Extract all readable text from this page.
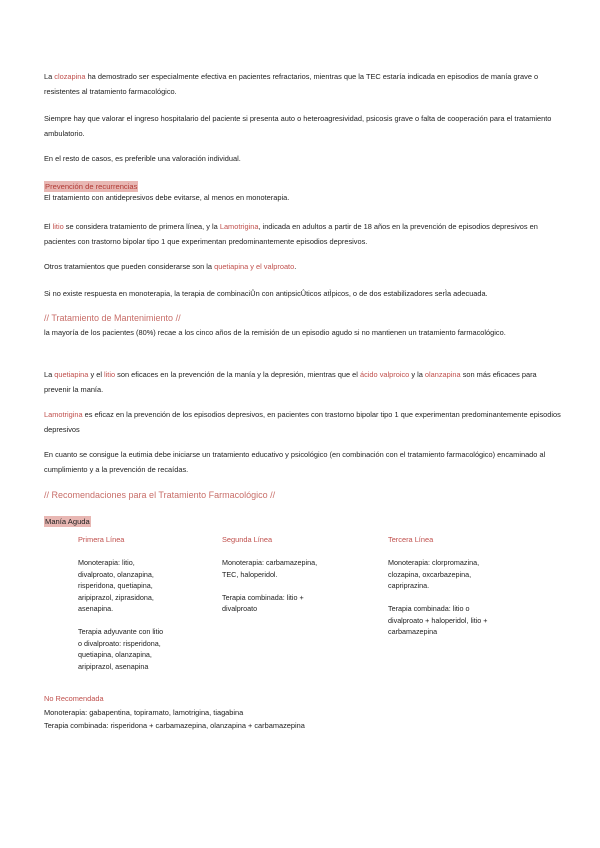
La clozapina ha demostrado ser especialmente efectiva en pacientes refractarios, mientras que la TEC estaría indicada en episodios de manía grave o resistentes al tratamiento farmacológico.
Siempre hay que valorar el ingreso hospitalario del paciente si presenta auto o heteroagresividad, psicosis grave o falta de cooperación para el tratamiento ambulatorio.
En el resto de casos, es preferible una valoración individual.
Prevención de recurrencias
El tratamiento con antidepresivos debe evitarse, al menos en monoterapia.
El litio se considera tratamiento de primera línea, y la Lamotrigina, indicada en adultos a partir de 18 años en la prevención de episodios depresivos en pacientes con trastorno bipolar tipo 1 que experimentan predominantemente episodios depresivos.
Otros tratamientos que pueden considerarse son la quetiapina y el valproato.
Si no existe respuesta en monoterapia, la terapia de combinaciÛn con antipsicÛticos atÌpicos, o de dos estabilizadores serÌa adecuada.
// Tratamiento de Mantenimiento //
la mayoría de los pacientes (80%) recae a los cinco años de la remisión de un episodio agudo si no mantienen un tratamiento farmacológico.
La quetiapina y el litio son eficaces en la prevención de la manía y la depresión, mientras que el ácido valproico y la olanzapina son más eficaces para prevenir la manía.
Lamotrigina es eficaz en la prevención de los episodios depresivos, en pacientes con trastorno bipolar tipo 1 que experimentan predominantemente episodios depresivos
En cuanto se consigue la eutimia debe iniciarse un tratamiento educativo y psicológico (en combinación con el tratamiento farmacológico) encaminado al cumplimiento y a la prevención de recaídas.
// Recomendaciones para el Tratamiento Farmacológico //
Manía Aguda
Primera Línea
Monoterapia: litio,
divalproato, olanzapina,
risperidona, quetiapina,
aripiprazol, ziprasidona,
asenapina.

Terapia adyuvante con litio
o divalproato: risperidona,
quetiapina, olanzapina,
aripiprazol, asenapina
Segunda Línea
Monoterapia: carbamazepina,
TEC, haloperidol.

Terapia combinada: litio +
divalproato
Tercera Línea
Monoterapia: clorpromazina,
clozapina, oxcarbazepina,
capriprazina.

Terapia combinada: litio o
divalproato + haloperidol, litio +
carbamazepina
No Recomendada
Monoterapia: gabapentina, topiramato, lamotrigina, tiagabina
Terapia combinada: risperidona + carbamazepina, olanzapina + carbamazepina
